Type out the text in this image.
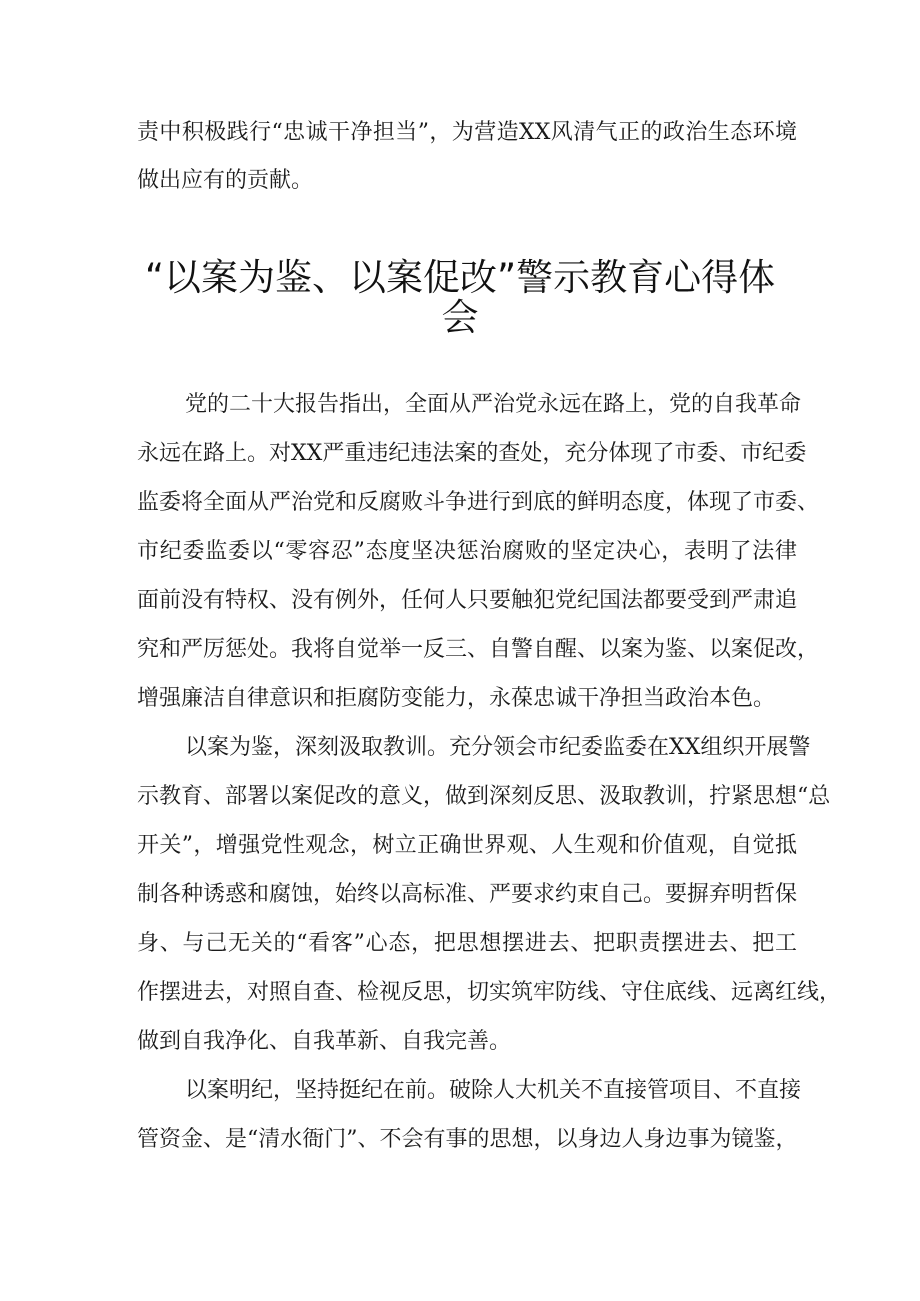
责中积极践行“忠诚干净担当”，为营造XX风清气正的政治生态环境
做出应有的贡献。
“以案为鉴、以案促改”警示教育心得体会
党的二十大报告指出，全面从严治党永远在路上，党的自我革命
永远在路上。对XX严重违纪违法案的查处，充分体现了市委、市纪委
监委将全面从严治党和反腐败斗争进行到底的鲜明态度，体现了市委、
市纪委监委以“零容忍”态度坚决惩治腐败的坚定决心，表明了法律
面前没有特权、没有例外，任何人只要触犯党纪国法都要受到严肃追
究和严厉惩处。我将自觉举一反三、自警自醒、以案为鉴、以案促改，
增强廉洁自律意识和拒腐防变能力，永葆忠诚干净担当政治本色。
以案为鉴，深刻汲取教训。充分领会市纪委监委在XX组织开展警
示教育、部署以案促改的意义，做到深刻反思、汲取教训，拧紧思想“总
开关”，增强党性观念，树立正确世界观、人生观和价值观，自觉抵
制各种诱惑和腐蚀，始终以高标准、严要求约束自己。要摒弃明哲保
身、与己无关的“看客”心态，把思想摆进去、把职责摆进去、把工
作摆进去，对照自查、检视反思，切实筑牢防线、守住底线、远离红线，
做到自我净化、自我革新、自我完善。
以案明纪，坚持挺纪在前。破除人大机关不直接管项目、不直接
管资金、是“清水衙门”、不会有事的思想，以身边人身边事为镜鉴，
